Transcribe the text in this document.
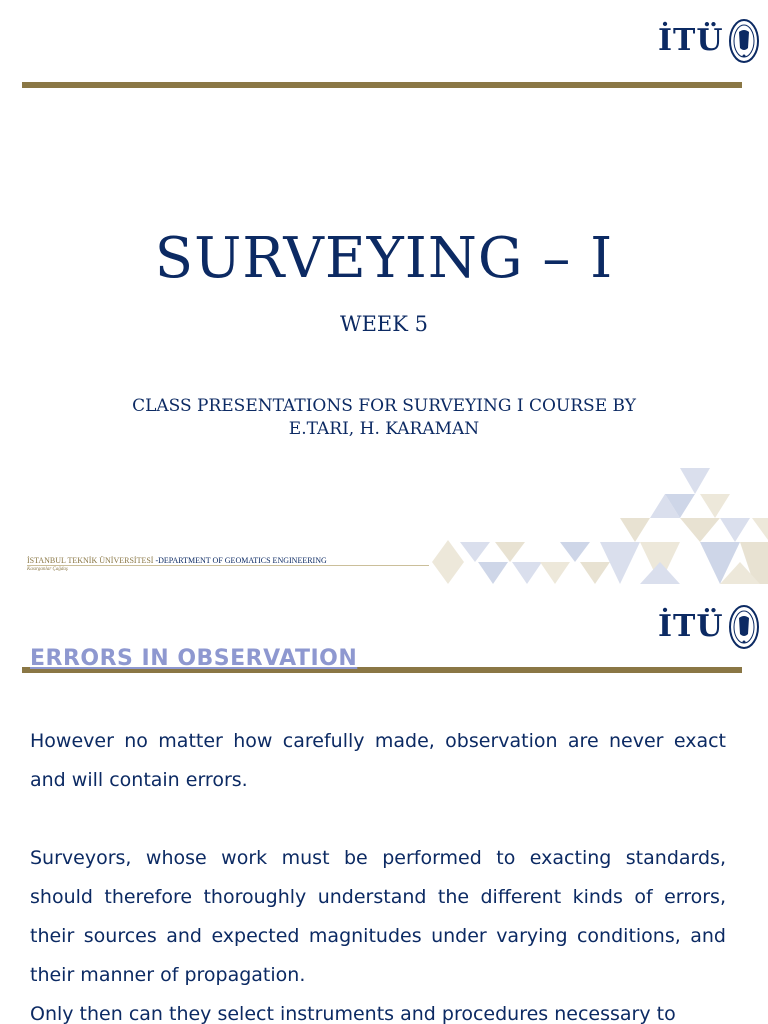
İTÜ
SURVEYING – I
WEEK 5
CLASS PRESENTATIONS FOR SURVEYING I COURSE BY
E.TARI, H. KARAMAN
İSTANBUL TEKNİK ÜNİVERSİTESİ -DEPARTMENT OF GEOMATICS ENGINEERING
Kasırganlar Çağdaş
İTÜ
ERRORS IN OBSERVATION

However no matter how carefully made, observation are never exact and will contain errors.

Surveyors, whose work must be performed to exacting standards, should therefore thoroughly understand the different kinds of errors, their sources and expected magnitudes under varying conditions, and their manner of propagation.

Only then can they select instruments and procedures necessary to
